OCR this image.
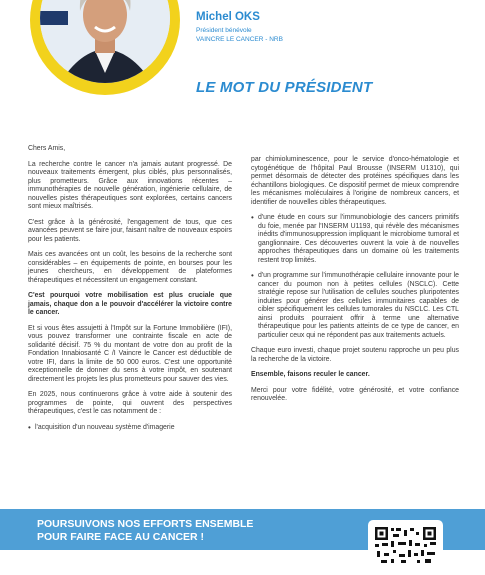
Michel OKS
Président bénévole
VAINCRE LE CANCER - NRB
LE MOT DU PRÉSIDENT

Chers Amis,

La recherche contre le cancer n'a jamais autant progressé. De nouveaux traitements émergent, plus ciblés, plus personnalisés, plus prometteurs. Grâce aux innovations récentes – immunothérapies de nouvelle génération, ingénierie cellulaire, de nouvelles pistes thérapeutiques sont explorées, certains cancers sont mieux maîtrisés.

C'est grâce à la générosité, l'engagement de tous, que ces avancées peuvent se faire jour, faisant naître de nouveaux espoirs pour les patients.

Mais ces avancées ont un coût, les besoins de la recherche sont considérables – en équipements de pointe, en bourses pour les jeunes chercheurs, en développement de plateformes thérapeutiques et nécessitent un engagement constant.

C'est pourquoi votre mobilisation est plus cruciale que jamais, chaque don a le pouvoir d'accélérer la victoire contre le cancer.

Et si vous êtes assujetti à l'Impôt sur la Fortune Immobilière (IFI), vous pouvez transformer une contrainte fiscale en acte de solidarité décisif. 75 % du montant de votre don au profit de la Fondation Innabiosanté C /I Vaincre le Cancer est déductible de votre IFI, dans la limite de 50 000 euros. C'est une opportunité exceptionnelle de donner du sens à votre impôt, en soutenant directement les projets les plus prometteurs pour sauver des vies.

En 2025, nous continuerons grâce à votre aide à soutenir des programmes de pointe, qui ouvrent des perspectives thérapeutiques, c'est le cas notamment de :

• l'acquisition d'un nouveau système d'imagerie

par chimioluminescence, pour le service d'onco-hématologie et cytogénétique de l'hôpital Paul Brousse (INSERM U1310), qui permet désormais de détecter des protéines spécifiques dans les échantillons biologiques. Ce dispositif permet de mieux comprendre les mécanismes moléculaires à l'origine de nombreux cancers, et identifier de nouvelles cibles thérapeutiques.

• d'une étude en cours sur l'immunobiologie des cancers primitifs du foie, menée par l'INSERM U1193, qui révèle des mécanismes inédits d'immunosuppression impliquant le microbiome tumoral et ganglionnaire. Ces découvertes ouvrent la voie à de nouvelles approches thérapeutiques dans un domaine où les traitements restent trop limités.

• d'un programme sur l'immunothérapie cellulaire innovante pour le cancer du poumon non à petites cellules (NSCLC). Cette stratégie repose sur l'utilisation de cellules souches pluripotentes induites pour générer des cellules immunitaires capables de cibler spécifiquement les cellules tumorales du NSCLC. Les CTL ainsi produits pourraient offrir à terme une alternative thérapeutique pour les patients atteints de ce type de cancer, en particulier ceux qui ne répondent pas aux traitements actuels.

Chaque euro investi, chaque projet soutenu rapproche un peu plus la recherche de la victoire.

Ensemble, faisons reculer le cancer.

Merci pour votre fidélité, votre générosité, et votre confiance renouvelée.

POURSUIVONS NOS EFFORTS ENSEMBLE
POUR FAIRE FACE AU CANCER !
